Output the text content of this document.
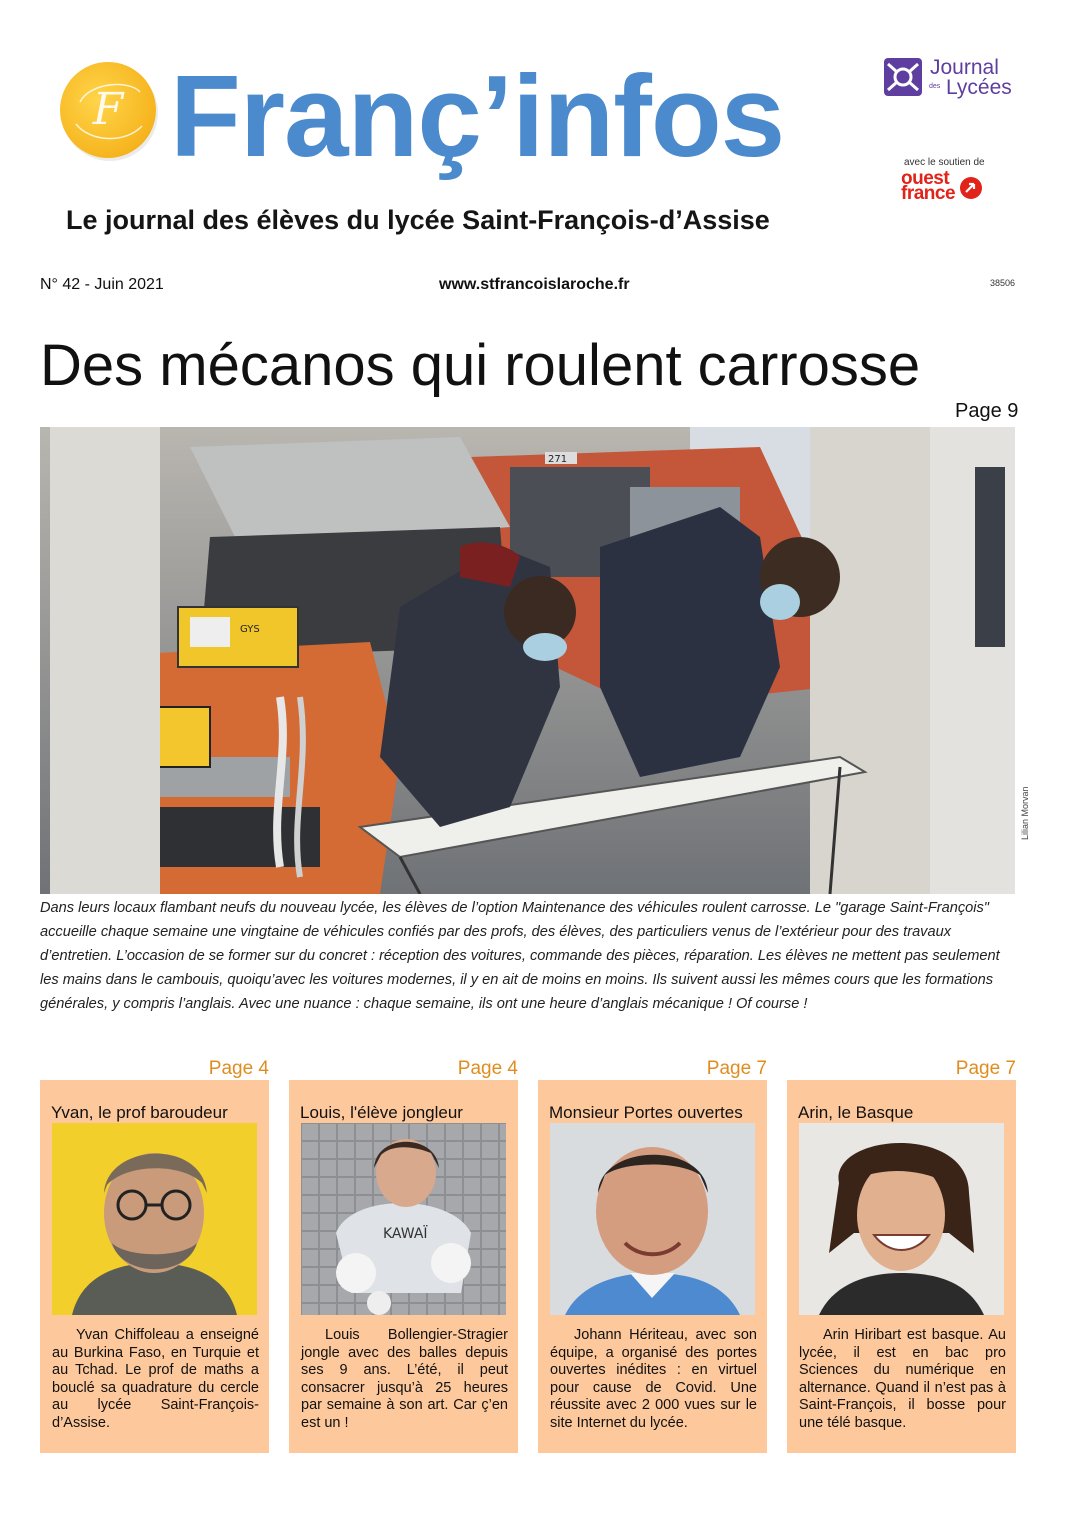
F Franç’infos
Le journal des élèves du lycée Saint-François-d’Assise
Journal
des Lycées
avec le soutien de
ouest
france
N° 42 - Juin 2021	www.stfrancoislaroche.fr	38506
Des mécanos qui roulent carrosse
Page 9
271
GYS
Lilian Morvan
Dans leurs locaux flambant neufs du nouveau lycée, les élèves de l’option Maintenance des véhicules roulent carrosse. Le "garage Saint-François" accueille chaque semaine une vingtaine de véhicules confiés par des profs, des élèves, des particuliers venus de l’extérieur pour des travaux d’entretien. L’occasion de se former sur du concret : réception des voitures, commande des pièces, réparation. Les élèves ne mettent pas seulement les mains dans le cambouis, quoiqu’avec les voitures modernes, il y en ait de moins en moins. Ils suivent aussi les mêmes cours que les formations générales, y compris l’anglais. Avec une nuance : chaque semaine, ils ont une heure d’anglais mécanique ! Of course !
Yvan, le prof baroudeur
Yvan Chiffoleau a enseigné au Burkina Faso, en Turquie et au Tchad. Le prof de maths a bouclé sa quadrature du cercle au lycée Saint-François-d’Assise.
Page 4
Louis, l'élève jongleur
KAWAÏ
Louis Bollengier-Stragier jongle avec des balles depuis ses 9 ans. L’été, il peut consacrer jusqu’à 25 heures par semaine à son art. Car ç’en est un !
Page 4
Monsieur Portes ouvertes
Johann Hériteau, avec son équipe, a organisé des portes ouvertes inédites : en virtuel pour cause de Covid. Une réussite avec 2 000 vues sur le site Internet du lycée.
Page 7
Arin, le Basque
Arin Hiribart est basque. Au lycée, il est en bac pro Sciences du numérique en alternance. Quand il n’est pas à Saint-François, il bosse pour une télé basque.
Page 7
